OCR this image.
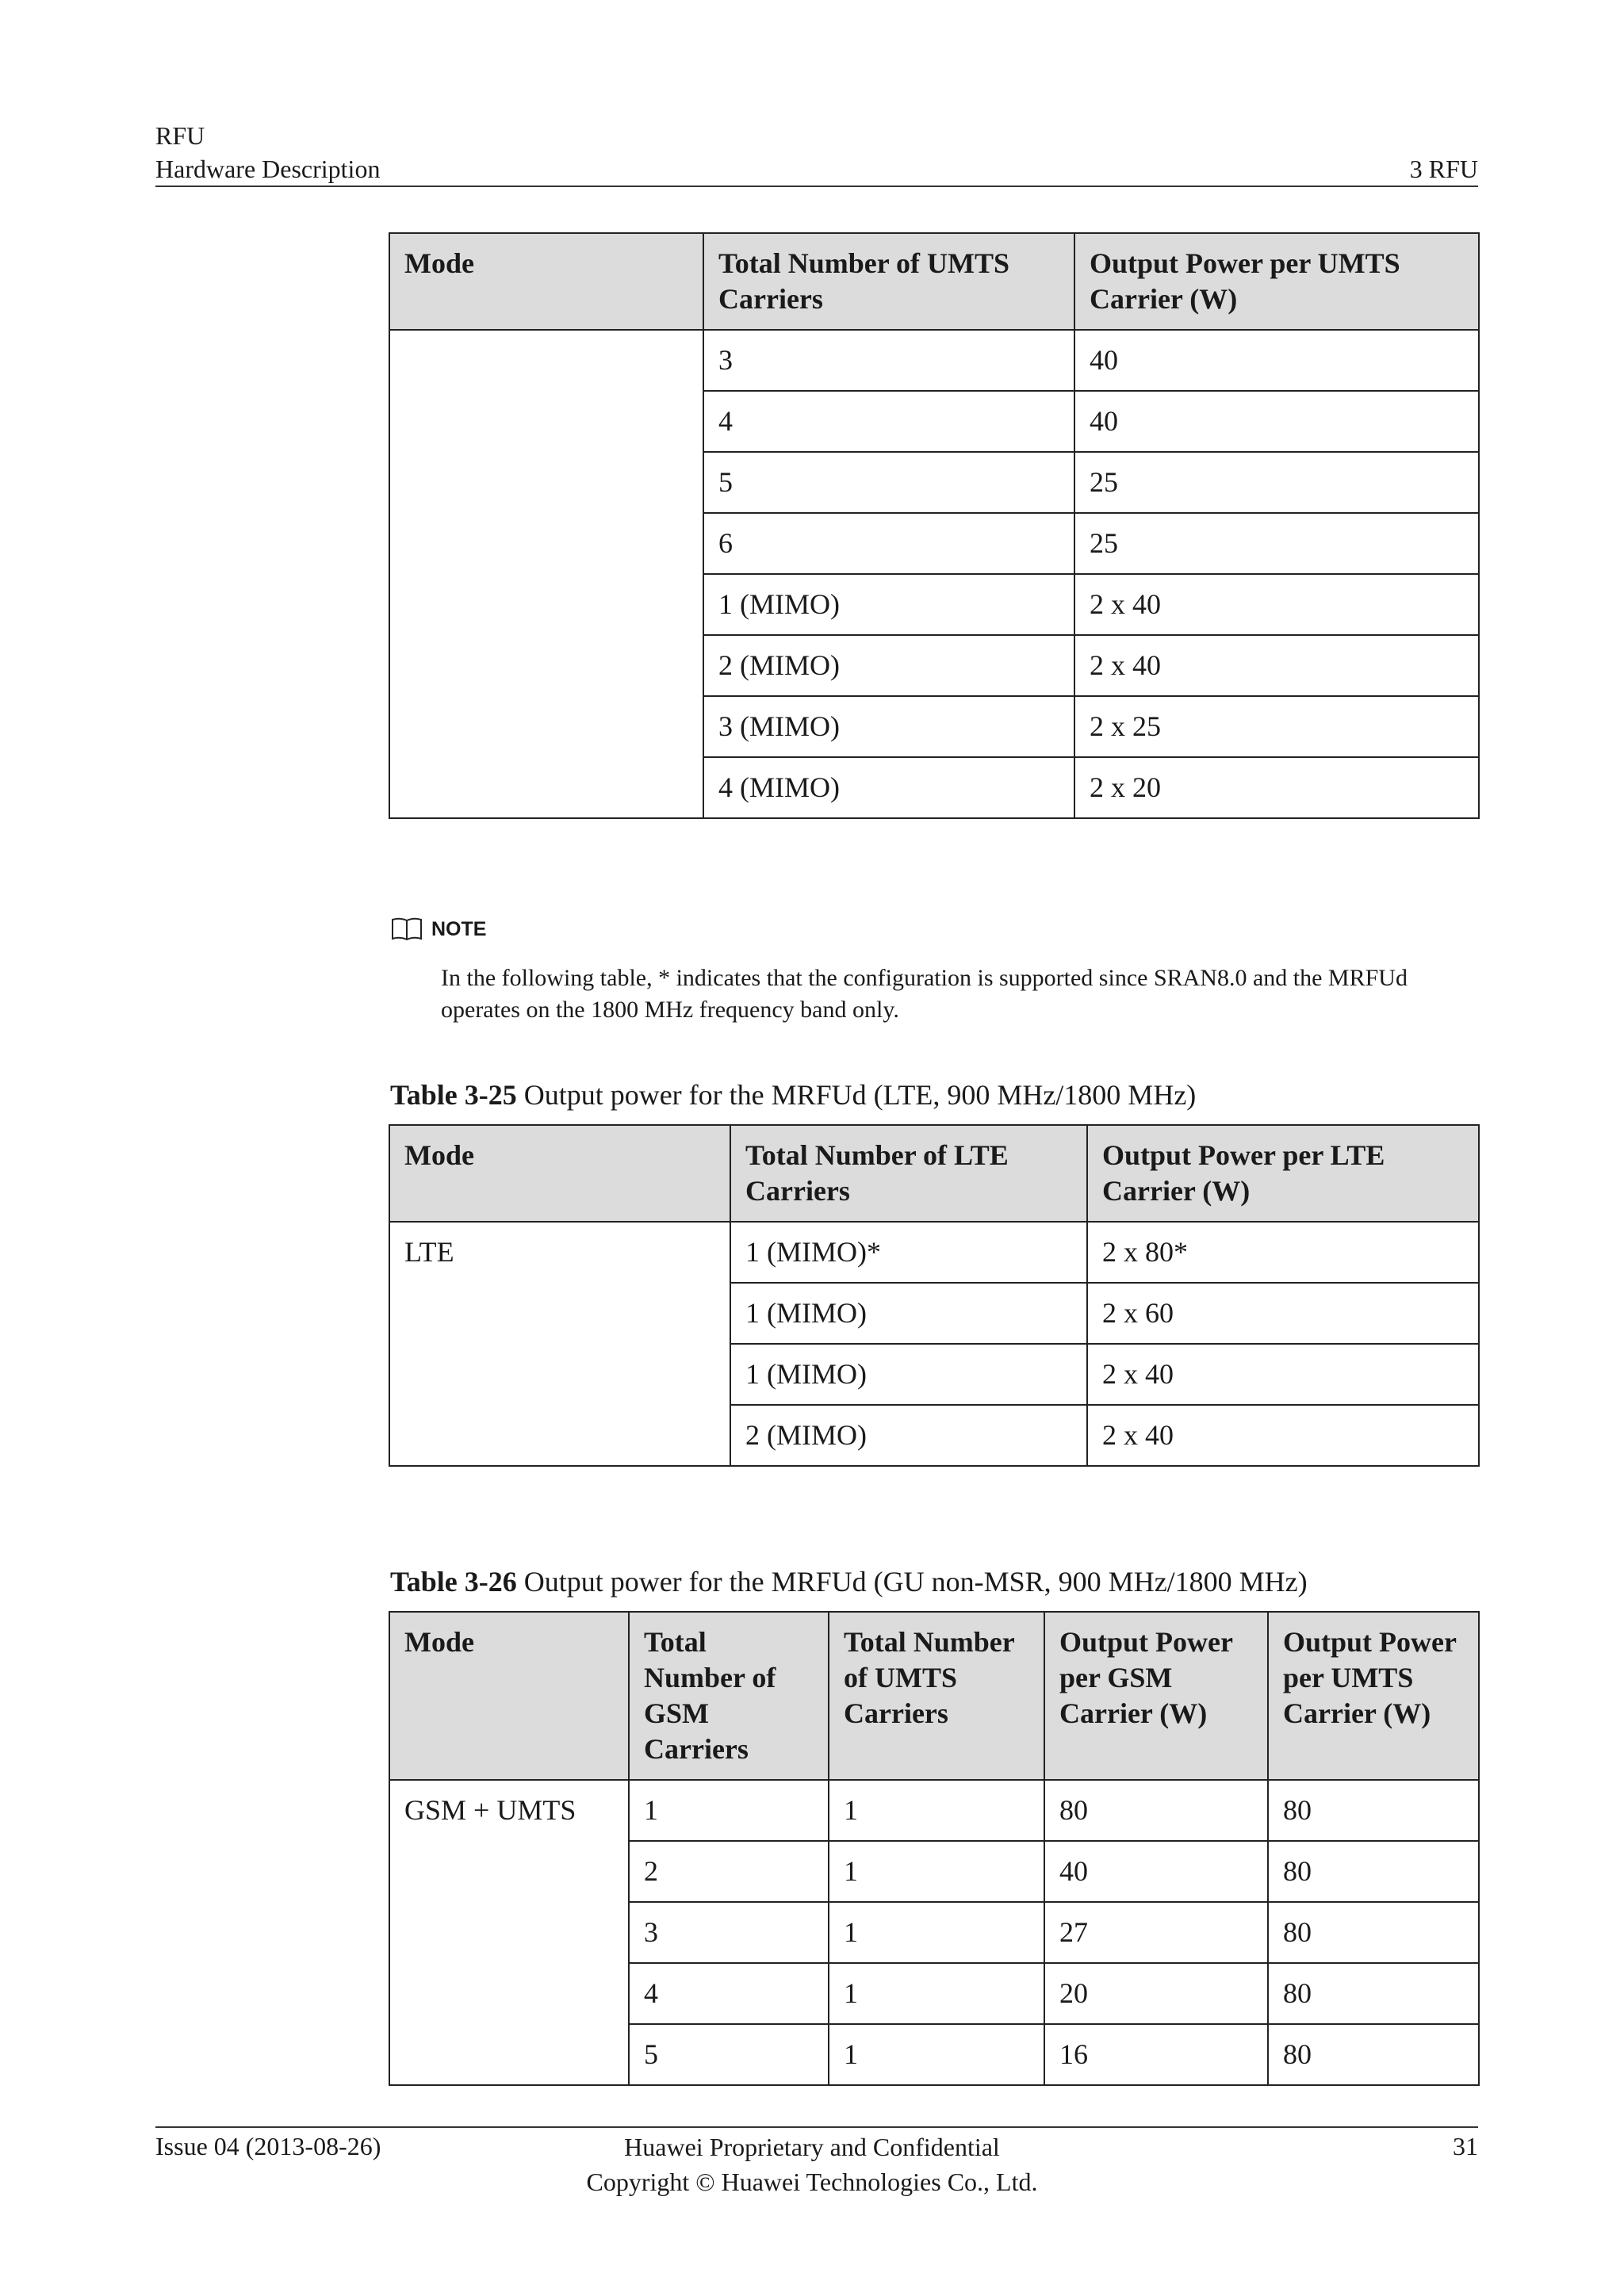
RFU
Hardware Description	3 RFU
Mode	Total Number of UMTS Carriers	Output Power per UMTS Carrier (W)
	3	40
	4	40
	5	25
	6	25
	1 (MIMO)	2 x 40
	2 (MIMO)	2 x 40
	3 (MIMO)	2 x 25
	4 (MIMO)	2 x 20
NOTE
In the following table, * indicates that the configuration is supported since SRAN8.0 and the MRFUd operates on the 1800 MHz frequency band only.
Table 3-25 Output power for the MRFUd (LTE, 900 MHz/1800 MHz)
Mode	Total Number of LTE Carriers	Output Power per LTE Carrier (W)
LTE	1 (MIMO)*	2 x 80*
	1 (MIMO)	2 x 60
	1 (MIMO)	2 x 40
	2 (MIMO)	2 x 40
Table 3-26 Output power for the MRFUd (GU non-MSR, 900 MHz/1800 MHz)
Mode	Total Number of GSM Carriers	Total Number of UMTS Carriers	Output Power per GSM Carrier (W)	Output Power per UMTS Carrier (W)
GSM + UMTS	1	1	80	80
	2	1	40	80
	3	1	27	80
	4	1	20	80
	5	1	16	80
Issue 04 (2013-08-26)	Huawei Proprietary and Confidential
Copyright © Huawei Technologies Co., Ltd.
31
